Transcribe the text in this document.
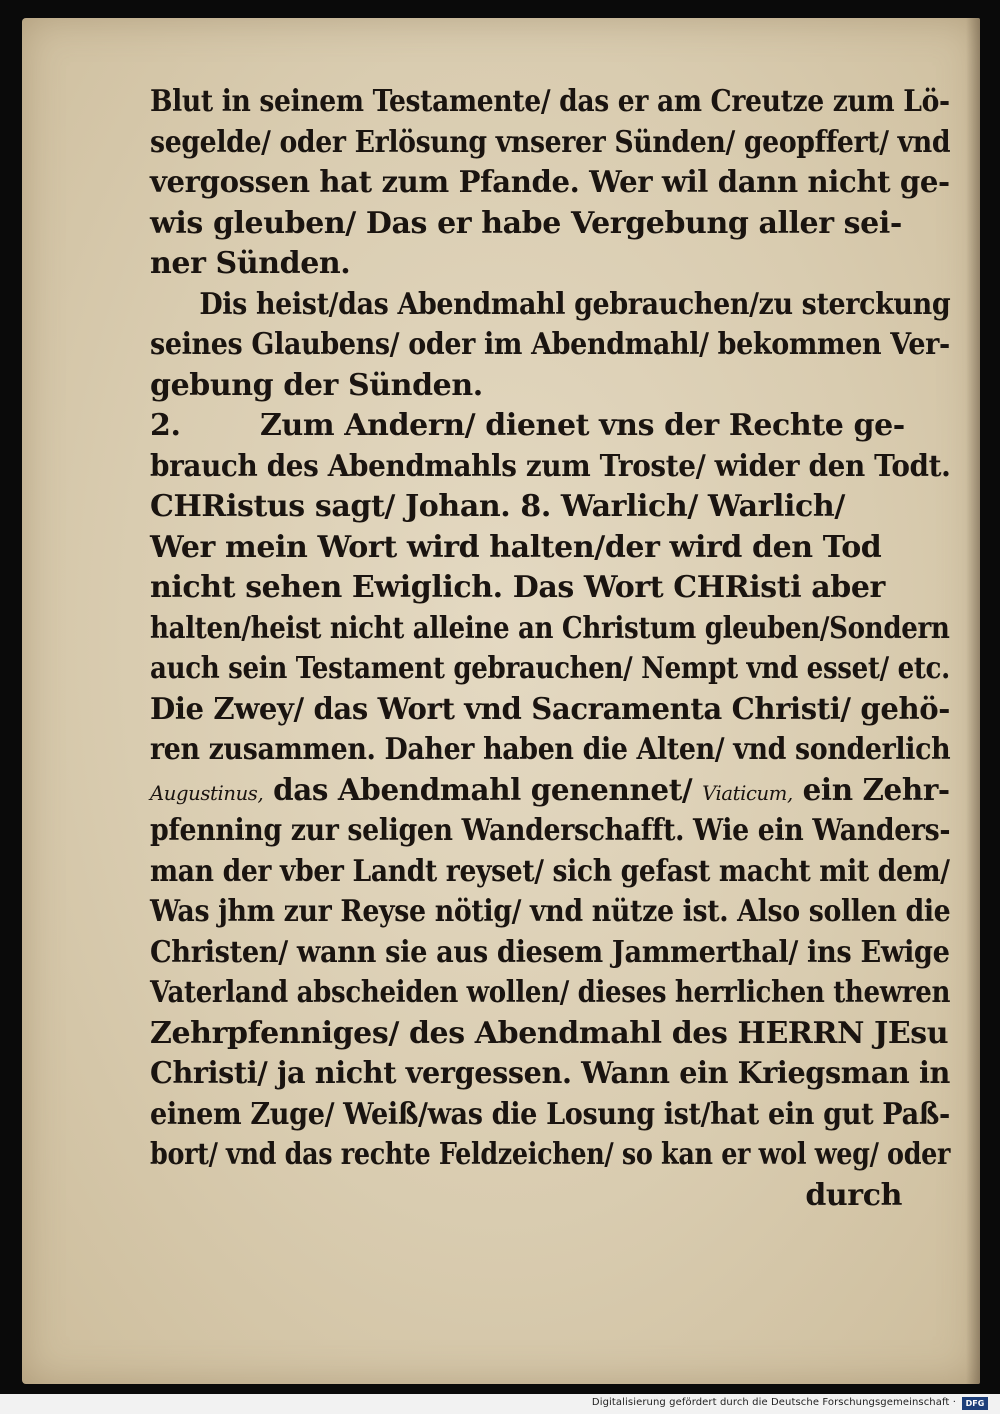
Blut in seinem Testamente/ das er am Creutze zum Lö-
segelde/ oder Erlösung vnserer Sünden/ geopffert/ vnd
vergossen hat zum Pfande. Wer wil dann nicht ge-
wis gleuben/ Das er habe Vergebung aller sei-
ner Sünden.
Dis heist/das Abendmahl gebrauchen/zu sterckung
seines Glaubens/ oder im Abendmahl/ bekommen Ver-
gebung der Sünden.
2.	Zum Andern/ dienet vns der Rechte ge-
brauch des Abendmahls zum Troste/ wider den Todt.
CHRistus sagt/ Johan. 8. Warlich/ Warlich/
Wer mein Wort wird halten/der wird den Tod
nicht sehen Ewiglich. Das Wort CHRisti aber
halten/heist nicht alleine an Christum gleuben/Sondern
auch sein Testament gebrauchen/ Nempt vnd esset/ etc.
Die Zwey/ das Wort vnd Sacramenta Christi/ gehö-
ren zusammen. Daher haben die Alten/ vnd sonderlich
Augustinus, das Abendmahl genennet/ Viaticum, ein Zehr-
pfenning zur seligen Wanderschafft. Wie ein Wanders-
man der vber Landt reyset/ sich gefast macht mit dem/
Was jhm zur Reyse nötig/ vnd nütze ist. Also sollen die
Christen/ wann sie aus diesem Jammerthal/ ins Ewige
Vaterland abscheiden wollen/ dieses herrlichen thewren
Zehrpfenniges/ des Abendmahl des HERRN JEsu
Christi/ ja nicht vergessen. Wann ein Kriegsman in
einem Zuge/ Weiß/was die Losung ist/hat ein gut Paß-
bort/ vnd das rechte Feldzeichen/ so kan er wol weg/ oder
durch
Digitalisierung gefördert durch die Deutsche Forschungsgemeinschaft ·	DFG
